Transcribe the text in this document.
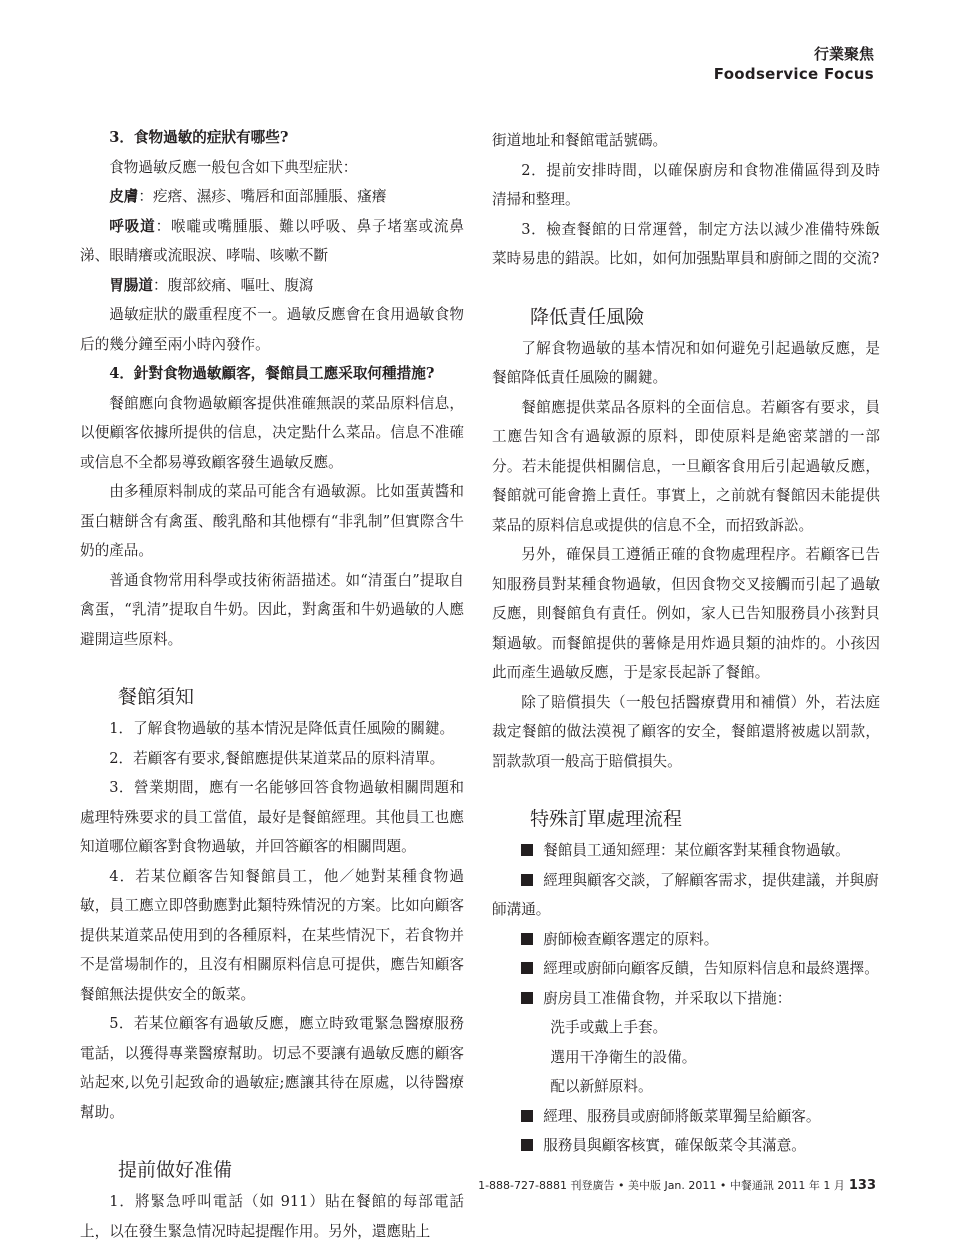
行業聚焦
Foodservice Focus

3．食物過敏的症狀有哪些?

食物過敏反應一般包含如下典型症狀：

皮膚：疙瘩、濕疹、嘴唇和面部腫脹、瘙癢

呼吸道：喉嚨或嘴腫脹、難以呼吸、鼻子堵塞或流鼻涕、眼睛癢或流眼淚、哮喘、咳嗽不斷

胃腸道：腹部絞痛、嘔吐、腹瀉

過敏症狀的嚴重程度不一。過敏反應會在食用過敏食物后的幾分鐘至兩小時內發作。

4．針對食物過敏顧客，餐館員工應采取何種措施?

餐館應向食物過敏顧客提供准確無誤的菜品原料信息，以便顧客依據所提供的信息，决定點什么菜品。信息不准確或信息不全都易導致顧客發生過敏反應。

由多種原料制成的菜品可能含有過敏源。比如蛋黃醬和蛋白糖餅含有禽蛋、酸乳酪和其他標有“非乳制”但實際含牛奶的產品。

普通食物常用科學或技術術語描述。如“清蛋白”提取自禽蛋，“乳清”提取自牛奶。因此，對禽蛋和牛奶過敏的人應避開這些原料。

餐館須知

1．了解食物過敏的基本情況是降低責任風險的關鍵。

2．若顧客有要求,餐館應提供某道菜品的原料清單。

3．營業期間，應有一名能够回答食物過敏相關問題和處理特殊要求的員工當值，最好是餐館經理。其他員工也應知道哪位顧客對食物過敏，并回答顧客的相關問題。

4．若某位顧客告知餐館員工，他／她對某種食物過敏，員工應立即啓動應對此類特殊情況的方案。比如向顧客提供某道菜品使用到的各種原料，在某些情況下，若食物并不是當場制作的，且沒有相關原料信息可提供，應告知顧客餐館無法提供安全的飯菜。

5．若某位顧客有過敏反應，應立時致電緊急醫療服務電話，以獲得專業醫療幫助。切忌不要讓有過敏反應的顧客站起來,以免引起致命的過敏症;應讓其待在原處，以待醫療幫助。

提前做好准備

1．將緊急呼叫電話（如 911）貼在餐館的每部電話上，以在發生緊急情况時起提醒作用。另外，還應貼上

街道地址和餐館電話號碼。

2．提前安排時間，以確保廚房和食物准備區得到及時清掃和整理。

3．檢查餐館的日常運營，制定方法以減少准備特殊飯菜時易患的錯誤。比如，如何加强點單員和廚師之間的交流?

降低責任風險

了解食物過敏的基本情况和如何避免引起過敏反應，是餐館降低責任風險的關鍵。

餐館應提供菜品各原料的全面信息。若顧客有要求，員工應告知含有過敏源的原料，即使原料是絶密菜譜的一部分。若未能提供相關信息，一旦顧客食用后引起過敏反應，餐館就可能會擔上責任。事實上，之前就有餐館因未能提供菜品的原料信息或提供的信息不全，而招致訴訟。

另外，確保員工遵循正確的食物處理程序。若顧客已告知服務員對某種食物過敏，但因食物交叉接觸而引起了過敏反應，則餐館負有責任。例如，家人已告知服務員小孩對貝類過敏。而餐館提供的薯條是用炸過貝類的油炸的。小孩因此而產生過敏反應，于是家長起訴了餐館。

除了賠償損失（一般包括醫療費用和補償）外，若法庭裁定餐館的做法漠視了顧客的安全，餐館還將被處以罰款，罰款款項一般高于賠償損失。

特殊訂單處理流程

餐館員工通知經理：某位顧客對某種食物過敏。

經理與顧客交談，了解顧客需求，提供建議，并與廚師溝通。

廚師檢查顧客選定的原料。

經理或廚師向顧客反饋，告知原料信息和最終選擇。

廚房員工准備食物，并采取以下措施：

洗手或戴上手套。

選用干净衛生的設備。

配以新鮮原料。

經理、服務員或廚師將飯菜單獨呈給顧客。

服務員與顧客核實，確保飯菜令其滿意。

1-888-727-8881 刊登廣告 • 美中版 Jan. 2011 • 中餐通訊 2011 年 1 月 133
